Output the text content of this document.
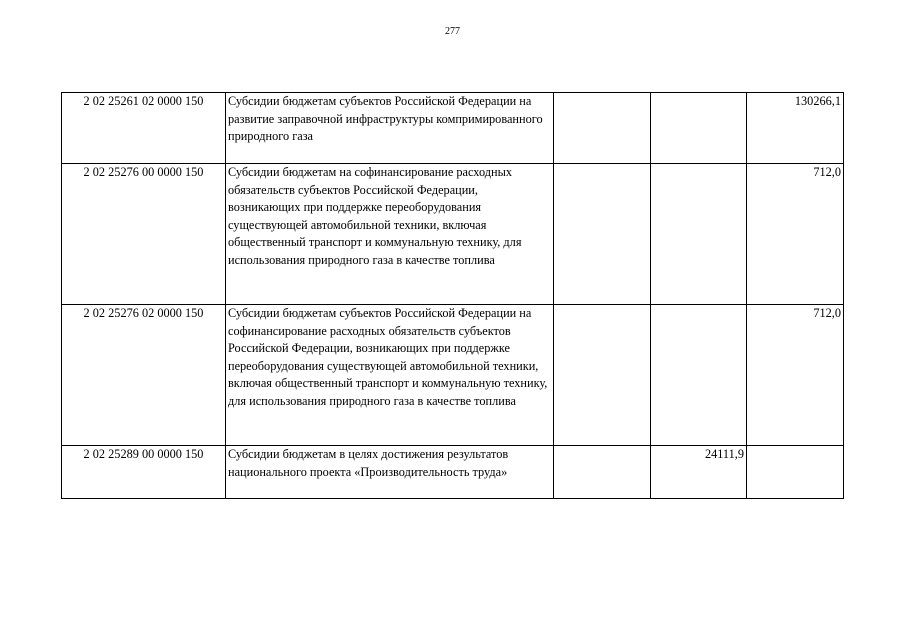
277
2 02 25261 02 0000 150	Субсидии бюджетам субъектов Российской Федерации на развитие заправочной инфраструктуры компримированного природного газа			130266,1
2 02 25276 00 0000 150	Субсидии бюджетам на софинансирование расходных обязательств субъектов Российской Федерации, возникающих при поддержке переоборудования существующей автомобильной техники, включая общественный транспорт и коммунальную технику, для использования природного газа в качестве топлива			712,0
2 02 25276 02 0000 150	Субсидии бюджетам субъектов Российской Федерации на софинансирование расходных обязательств субъектов Российской Федерации, возникающих при поддержке переоборудования существующей автомобильной техники, включая общественный транспорт и коммунальную технику, для использования природного газа в качестве топлива			712,0
2 02 25289 00 0000 150	Субсидии бюджетам в целях достижения результатов национального проекта «Производительность труда»		24111,9	
